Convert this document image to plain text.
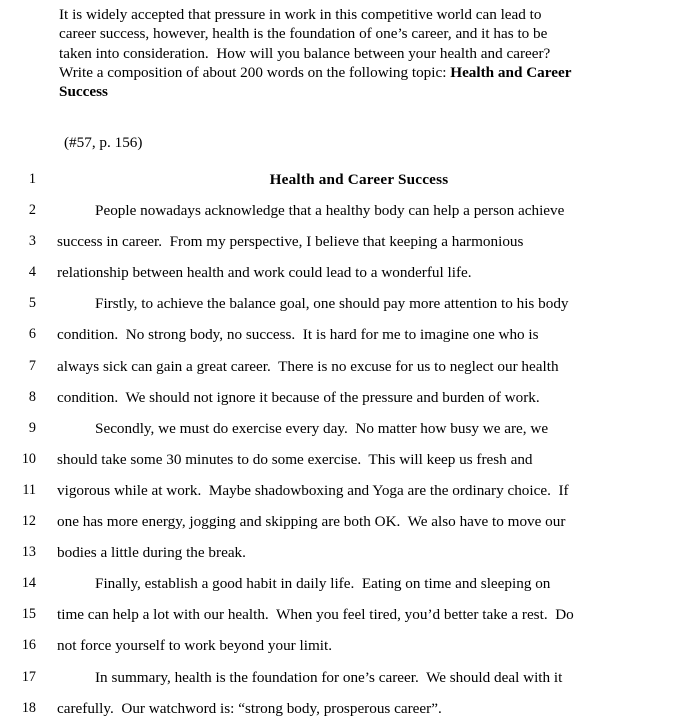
It is widely accepted that pressure in work in this competitive world can lead to
career success, however, health is the foundation of one’s career, and it has to be
taken into consideration.  How will you balance between your health and career?
Write a composition of about 200 words on the following topic: Health and Career
Success
(#57, p. 156)
1	Health and Career Success
2	People nowadays acknowledge that a healthy body can help a person achieve
3 success in career.  From my perspective, I believe that keeping a harmonious
4 relationship between health and work could lead to a wonderful life.
5	Firstly, to achieve the balance goal, one should pay more attention to his body
6 condition.  No strong body, no success.  It is hard for me to imagine one who is
7 always sick can gain a great career.  There is no excuse for us to neglect our health
8 condition.  We should not ignore it because of the pressure and burden of work.
9	Secondly, we must do exercise every day.  No matter how busy we are, we
10 should take some 30 minutes to do some exercise.  This will keep us fresh and
11 vigorous while at work.  Maybe shadowboxing and Yoga are the ordinary choice.  If
12 one has more energy, jogging and skipping are both OK.  We also have to move our
13 bodies a little during the break.
14	Finally, establish a good habit in daily life.  Eating on time and sleeping on
15 time can help a lot with our health.  When you feel tired, you’d better take a rest.  Do
16 not force yourself to work beyond your limit.
17	In summary, health is the foundation for one’s career.  We should deal with it
18 carefully.  Our watchword is: “strong body, prosperous career”.
